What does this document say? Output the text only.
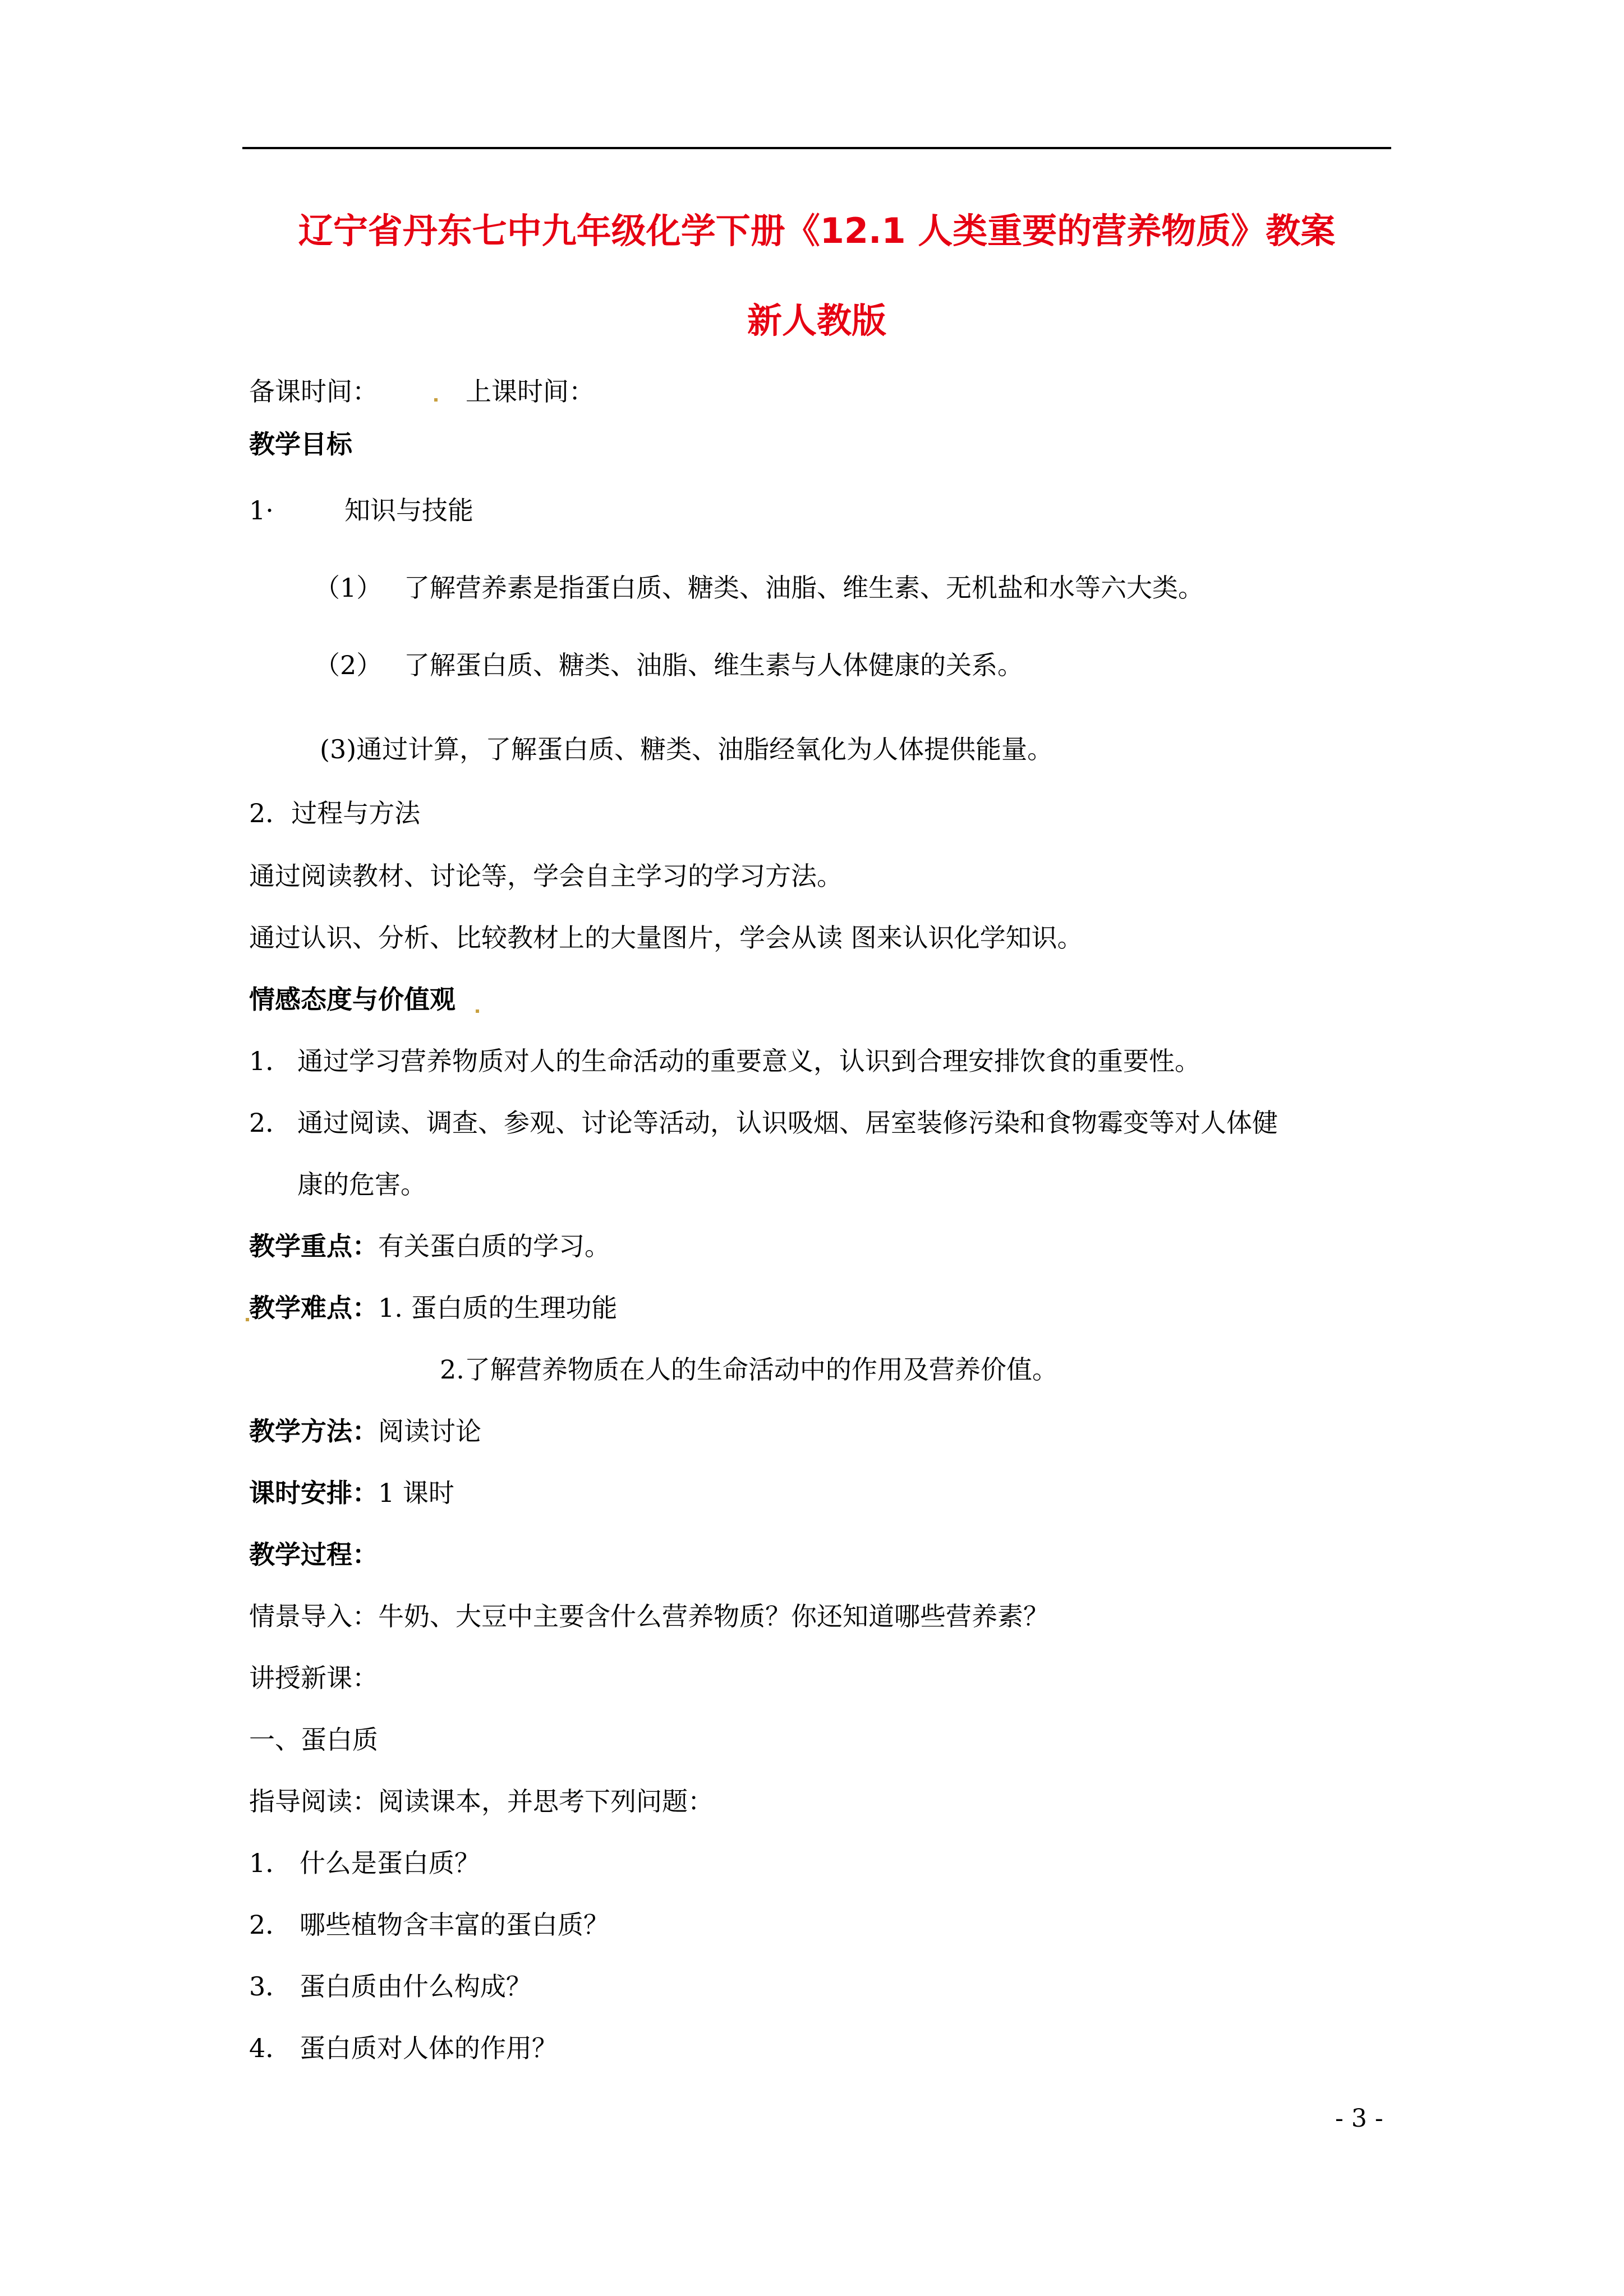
辽宁省丹东七中九年级化学下册《12.1 人类重要的营养物质》教案
新人教版
备课时间：	上课时间：
教学目标
1·	知识与技能
（1） 了解营养素是指蛋白质、糖类、油脂、维生素、无机盐和水等六大类。
（2） 了解蛋白质、糖类、油脂、维生素与人体健康的关系。
(3)通过计算，了解蛋白质、糖类、油脂经氧化为人体提供能量。
2．过程与方法
通过阅读教材、讨论等，学会自主学习的学习方法。
通过认识、分析、比较教材上的大量图片，学会从读 图来认识化学知识。
情感态度与价值观
1． 通过学习营养物质对人的生命活动的重要意义，认识到合理安排饮食的重要性。
2． 通过阅读、调查、参观、讨论等活动，认识吸烟、居室装修污染和食物霉变等对人体健
康的危害。
教学重点：有关蛋白质的学习。
教学难点：1. 蛋白质的生理功能
2.了解营养物质在人的生命活动中的作用及营养价值。
教学方法：阅读讨论
课时安排：1 课时
教学过程：
情景导入：牛奶、大豆中主要含什么营养物质？你还知道哪些营养素？
讲授新课：
一、蛋白质
指导阅读：阅读课本，并思考下列问题：
1． 什么是蛋白质？
2． 哪些植物含丰富的蛋白质？
3． 蛋白质由什么构成？
4． 蛋白质对人体的作用？
- 3 -
